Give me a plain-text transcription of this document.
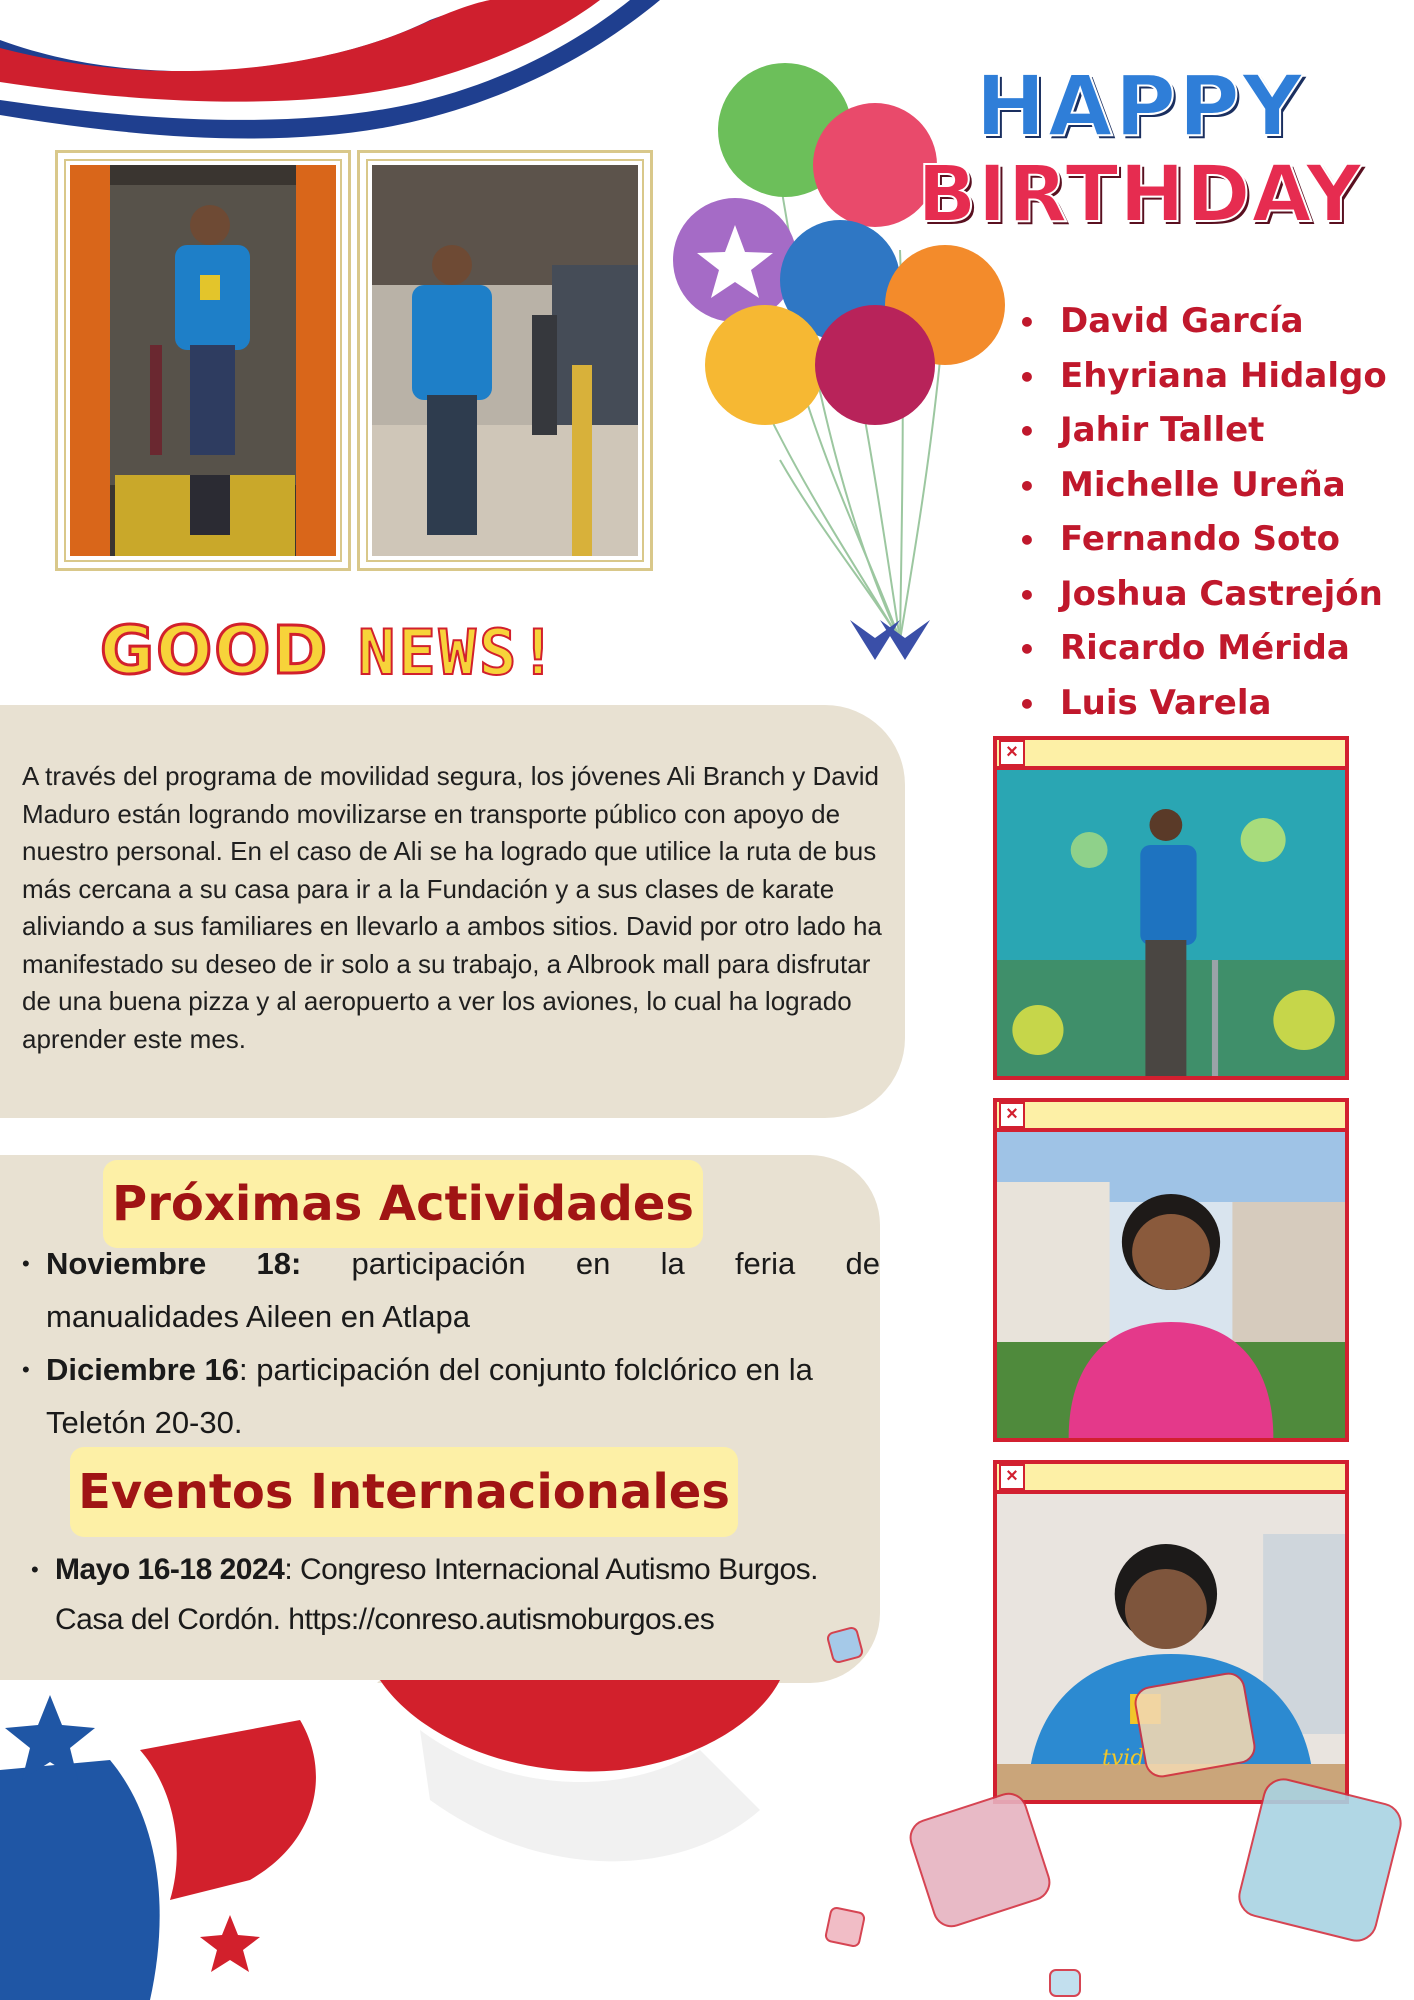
GOOD NEWS!

A través del programa de movilidad segura, los jóvenes Ali Branch y David Maduro están logrando movilizarse en transporte público con apoyo de nuestro personal. En el caso de Ali se ha logrado que utilice la ruta de bus más cercana a su casa para ir a la Fundación y a sus clases de karate aliviando a sus familiares en llevarlo a ambos sitios. David por otro lado ha manifestado su deseo de ir solo a su trabajo, a Albrook mall para disfrutar de una buena pizza y al aeropuerto a ver los aviones, lo cual ha logrado aprender este mes.

Próximas Actividades
• Noviembre 18: participación en la feria de
manualidades Aileen en Atlapa
• Diciembre 16: participación del conjunto folclórico en la Teletón 20-30.
Eventos Internacionales
• Mayo 16-18 2024: Congreso Internacional Autismo Burgos. Casa del Cordón. https://conreso.autismoburgos.es
HAPPY
BIRTHDAY
• David García
• Ehyriana Hidalgo
• Jahir Tallet
• Michelle Ureña
• Fernando Soto
• Joshua Castrejón
• Ricardo Mérida
• Luis Varela
×
×
×
tvid
